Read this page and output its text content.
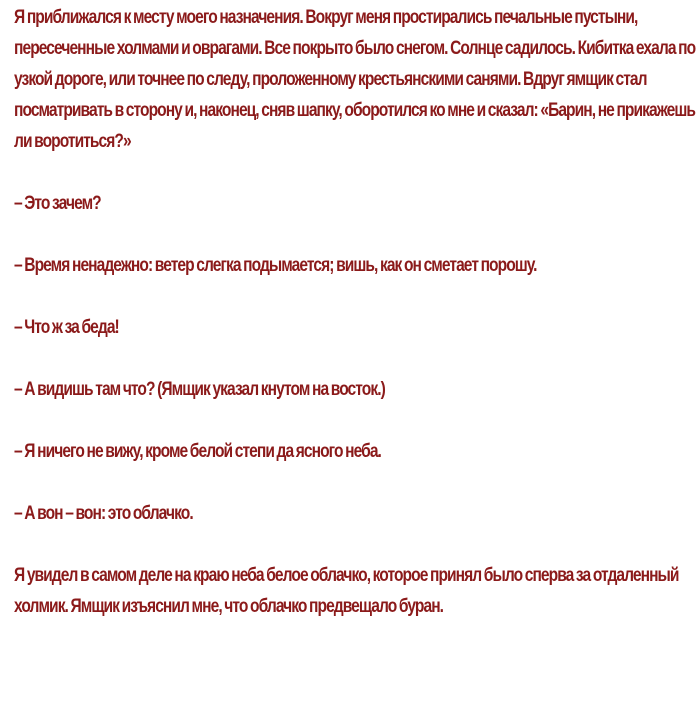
Я приближался к месту моего назначения. Вокруг меня простирались печальные пустыни, пересеченные холмами и оврагами. Все покрыто было снегом. Солнце садилось. Кибитка ехала по узкой дороге, или точнее по следу, проложенному крестьянскими санями. Вдруг ямщик стал посматривать в сторону и, наконец, сняв шапку, оборотился ко мне и сказал: «Барин, не прикажешь ли воротиться?»

– Это зачем?

– Время ненадежно: ветер слегка подымается; вишь, как он сметает порошу.

– Что ж за беда!

– А видишь там что? (Ямщик указал кнутом на восток.)

– Я ничего не вижу, кроме белой степи да ясного неба.

– А вон – вон: это облачко.

Я увидел в самом деле на краю неба белое облачко, которое принял было сперва за отдаленный холмик. Ямщик изъяснил мне, что облачко предвещало буран.
